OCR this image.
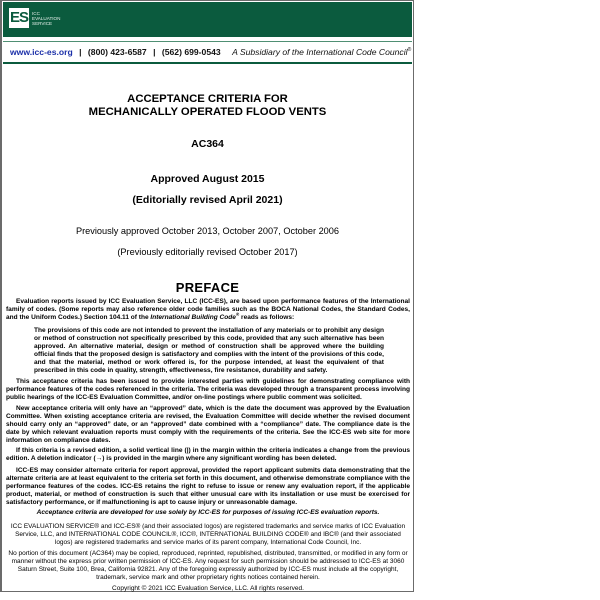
ES ICC
EVALUATION
SERVICE
www.icc-es.org | (800) 423-6587 | (562) 699-0543 A Subsidiary of the International Code Council®
ACCEPTANCE CRITERIA FOR
MECHANICALLY OPERATED FLOOD VENTS
AC364
Approved August 2015
(Editorially revised April 2021)
Previously approved October 2013, October 2007, October 2006
(Previously editorially revised October 2017)
PREFACE
Evaluation reports issued by ICC Evaluation Service, LLC (ICC-ES), are based upon performance features of the International family of codes. (Some reports may also reference older code families such as the BOCA National Codes, the Standard Codes, and the Uniform Codes.) Section 104.11 of the International Building Code® reads as follows:
The provisions of this code are not intended to prevent the installation of any materials or to prohibit any design or method of construction not specifically prescribed by this code, provided that any such alternative has been approved. An alternative material, design or method of construction shall be approved where the building official finds that the proposed design is satisfactory and complies with the intent of the provisions of this code, and that the material, method or work offered is, for the purpose intended, at least the equivalent of that prescribed in this code in quality, strength, effectiveness, fire resistance, durability and safety.
This acceptance criteria has been issued to provide interested parties with guidelines for demonstrating compliance with performance features of the codes referenced in the criteria. The criteria was developed through a transparent process involving public hearings of the ICC-ES Evaluation Committee, and/or on-line postings where public comment was solicited.
New acceptance criteria will only have an “approved” date, which is the date the document was approved by the Evaluation Committee. When existing acceptance criteria are revised, the Evaluation Committee will decide whether the revised document should carry only an “approved” date, or an “approved” date combined with a “compliance” date. The compliance date is the date by which relevant evaluation reports must comply with the requirements of the criteria. See the ICC-ES web site for more information on compliance dates.
If this criteria is a revised edition, a solid vertical line (|) in the margin within the criteria indicates a change from the previous edition. A deletion indicator (→) is provided in the margin where any significant wording has been deleted.
ICC-ES may consider alternate criteria for report approval, provided the report applicant submits data demonstrating that the alternate criteria are at least equivalent to the criteria set forth in this document, and otherwise demonstrate compliance with the performance features of the codes. ICC-ES retains the right to refuse to issue or renew any evaluation report, if the applicable product, material, or method of construction is such that either unusual care with its installation or use must be exercised for satisfactory performance, or if malfunctioning is apt to cause injury or unreasonable damage.
Acceptance criteria are developed for use solely by ICC-ES for purposes of issuing ICC-ES evaluation reports.
ICC EVALUATION SERVICE® and ICC-ES® (and their associated logos) are registered trademarks and service marks of ICC Evaluation Service, LLC, and INTERNATIONAL CODE COUNCIL®, ICC®, INTERNATIONAL BUILDING CODE® and IBC® (and their associated logos) are registered trademarks and service marks of its parent company, International Code Council, Inc.
No portion of this document (AC364) may be copied, reproduced, reprinted, republished, distributed, transmitted, or modified in any form or manner without the express prior written permission of ICC-ES. Any request for such permission should be addressed to ICC-ES at 3060 Saturn Street, Suite 100, Brea, California 92821. Any of the foregoing expressly authorized by ICC-ES must include all the copyright, trademark, service mark and other proprietary rights notices contained herein.
Copyright © 2021 ICC Evaluation Service, LLC. All rights reserved.
